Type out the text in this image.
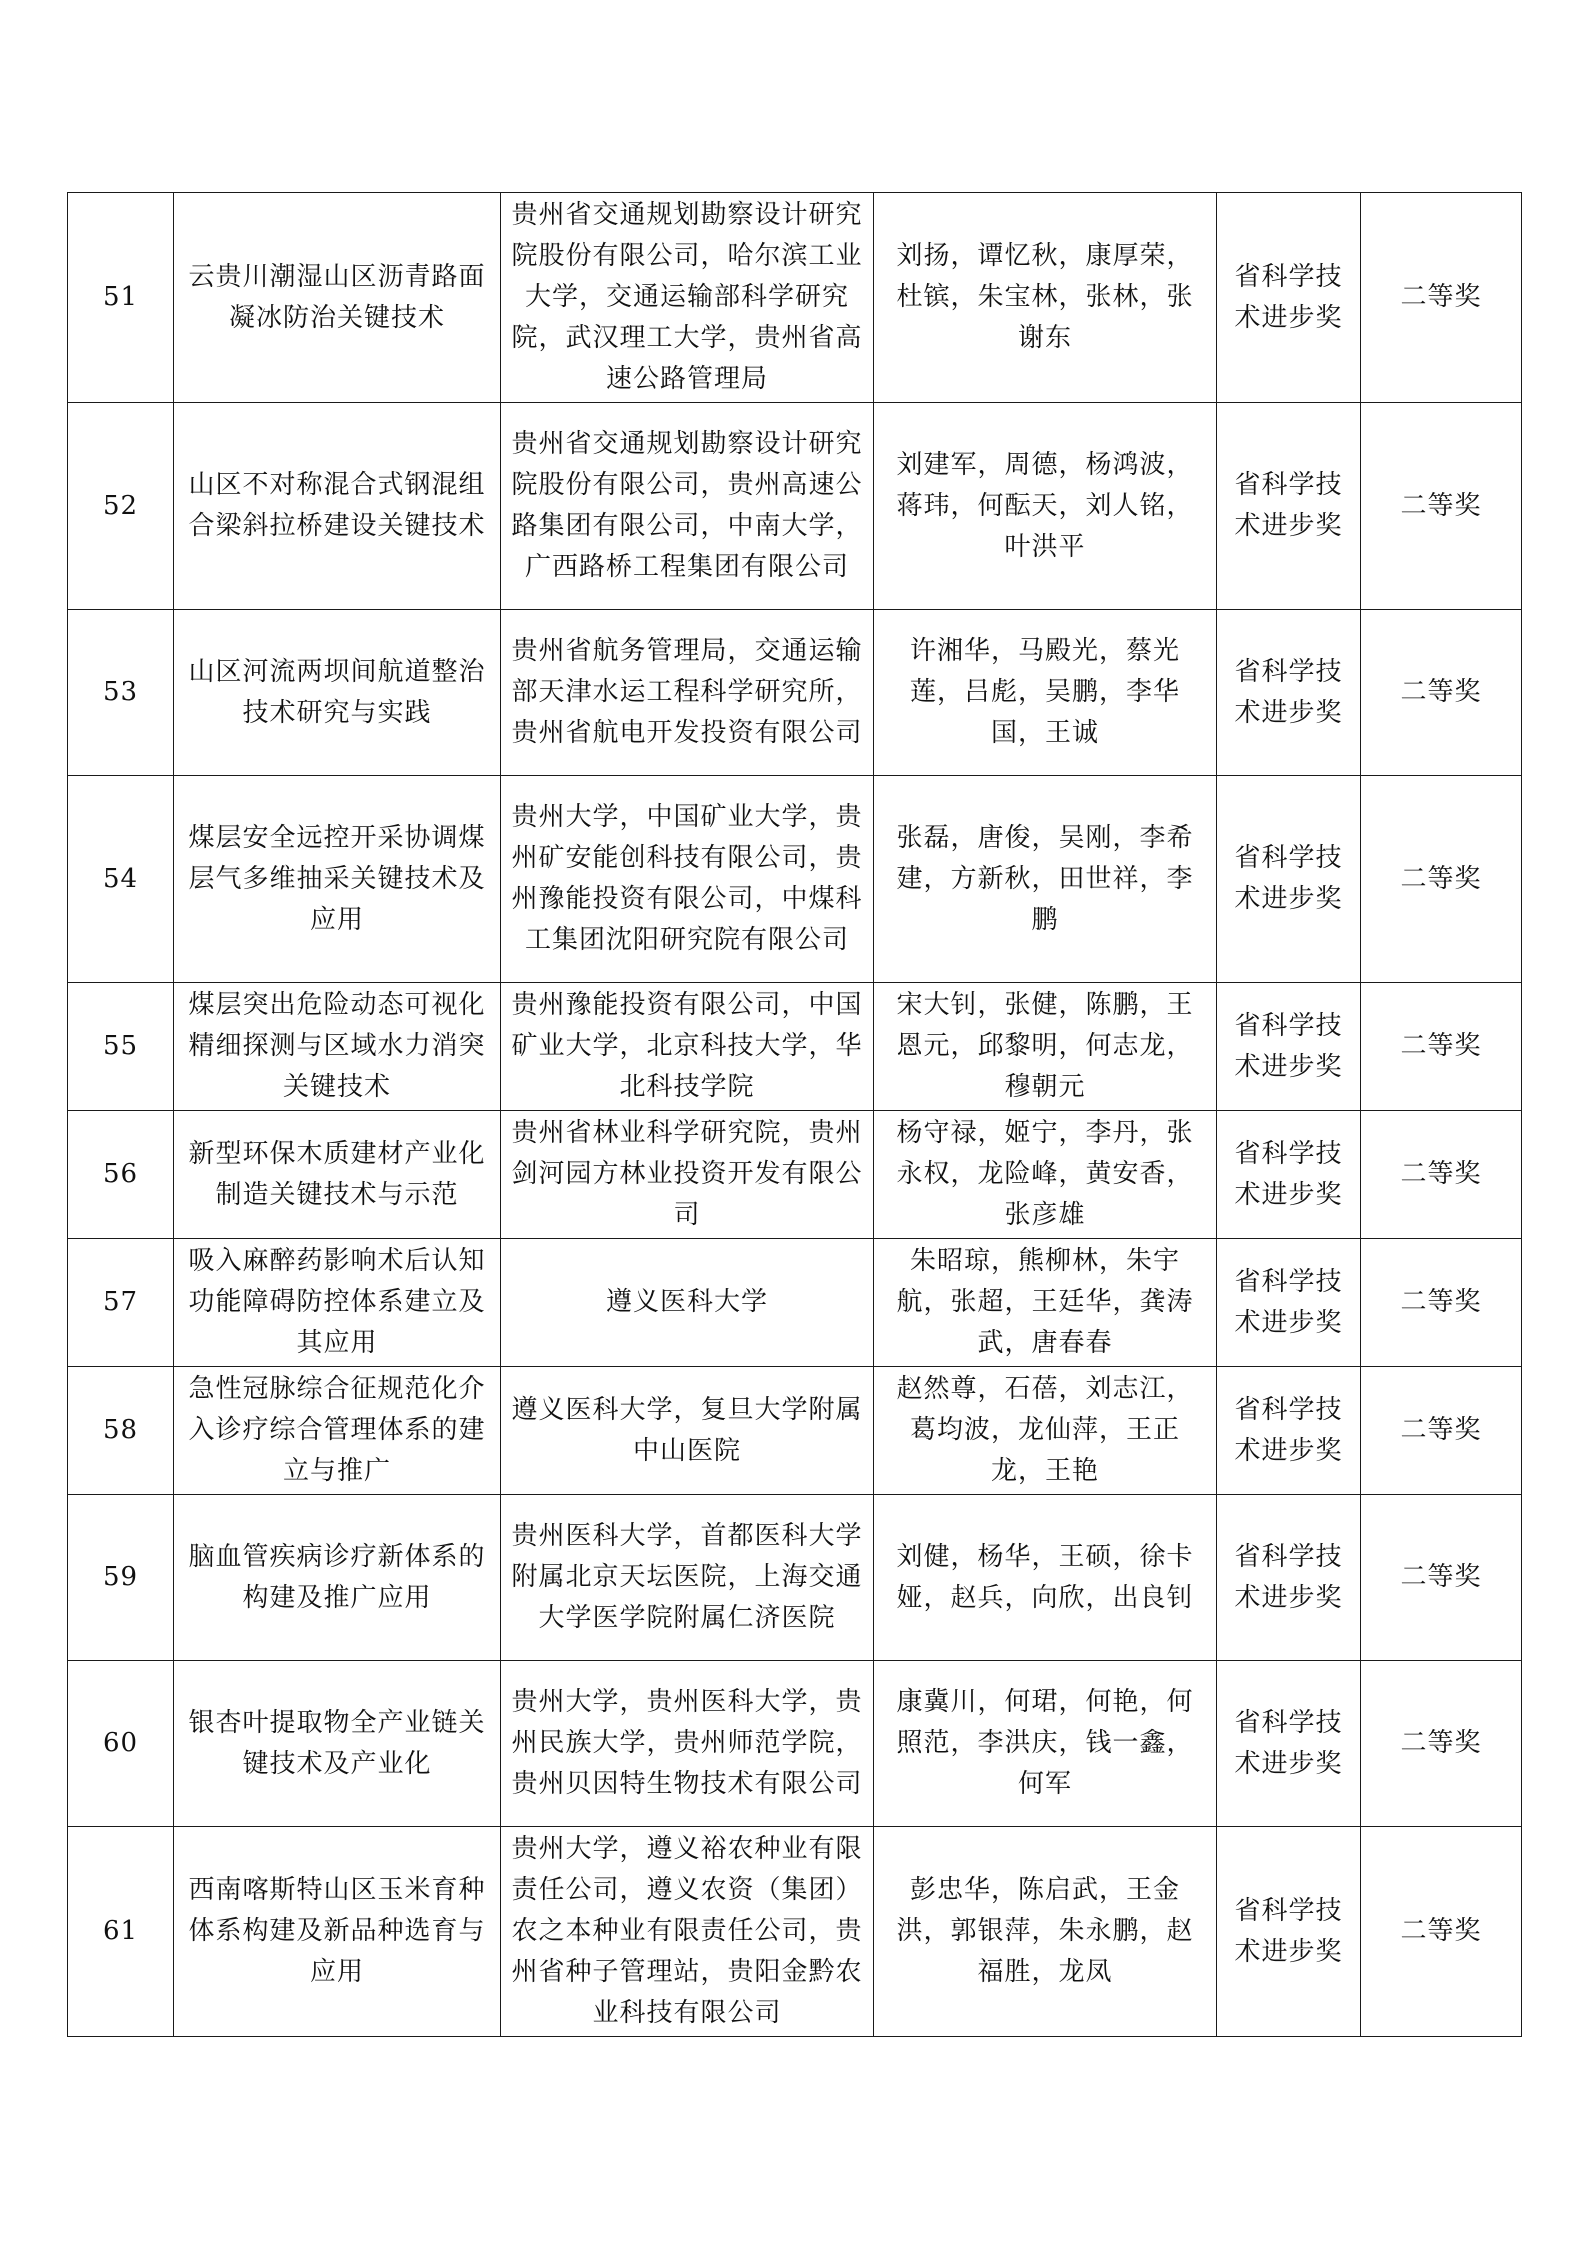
51	云贵川潮湿山区沥青路面凝冰防治关键技术	贵州省交通规划勘察设计研究院股份有限公司，哈尔滨工业大学，交通运输部科学研究院，武汉理工大学，贵州省高速公路管理局	刘扬，谭忆秋，康厚荣，杜镔，朱宝林，张林，张谢东	省科学技术进步奖	二等奖
52	山区不对称混合式钢混组合梁斜拉桥建设关键技术	贵州省交通规划勘察设计研究院股份有限公司，贵州高速公路集团有限公司，中南大学，广西路桥工程集团有限公司	刘建军，周德，杨鸿波，蒋玮，何酝天，刘人铭，叶洪平	省科学技术进步奖	二等奖
53	山区河流两坝间航道整治技术研究与实践	贵州省航务管理局，交通运输部天津水运工程科学研究所，贵州省航电开发投资有限公司	许湘华，马殿光，蔡光莲，吕彪，吴鹏，李华国，王诚	省科学技术进步奖	二等奖
54	煤层安全远控开采协调煤层气多维抽采关键技术及应用	贵州大学，中国矿业大学，贵州矿安能创科技有限公司，贵州豫能投资有限公司，中煤科工集团沈阳研究院有限公司	张磊，唐俊，吴刚，李希建，方新秋，田世祥，李鹏	省科学技术进步奖	二等奖
55	煤层突出危险动态可视化精细探测与区域水力消突关键技术	贵州豫能投资有限公司，中国矿业大学，北京科技大学，华北科技学院	宋大钊，张健，陈鹏，王恩元，邱黎明，何志龙，穆朝元	省科学技术进步奖	二等奖
56	新型环保木质建材产业化制造关键技术与示范	贵州省林业科学研究院，贵州剑河园方林业投资开发有限公司	杨守禄，姬宁，李丹，张永权，龙险峰，黄安香，张彦雄	省科学技术进步奖	二等奖
57	吸入麻醉药影响术后认知功能障碍防控体系建立及其应用	遵义医科大学	朱昭琼，熊柳林，朱宇航，张超，王廷华，龚涛武，唐春春	省科学技术进步奖	二等奖
58	急性冠脉综合征规范化介入诊疗综合管理体系的建立与推广	遵义医科大学，复旦大学附属中山医院	赵然尊，石蓓，刘志江，葛均波，龙仙萍，王正龙，王艳	省科学技术进步奖	二等奖
59	脑血管疾病诊疗新体系的构建及推广应用	贵州医科大学，首都医科大学附属北京天坛医院，上海交通大学医学院附属仁济医院	刘健，杨华，王硕，徐卡娅，赵兵，向欣，出良钊	省科学技术进步奖	二等奖
60	银杏叶提取物全产业链关键技术及产业化	贵州大学，贵州医科大学，贵州民族大学，贵州师范学院，贵州贝因特生物技术有限公司	康冀川，何珺，何艳，何照范，李洪庆，钱一鑫，何军	省科学技术进步奖	二等奖
61	西南喀斯特山区玉米育种体系构建及新品种选育与应用	贵州大学，遵义裕农种业有限责任公司，遵义农资（集团）农之本种业有限责任公司，贵州省种子管理站，贵阳金黔农业科技有限公司	彭忠华，陈启武，王金洪，郭银萍，朱永鹏，赵福胜，龙凤	省科学技术进步奖	二等奖
